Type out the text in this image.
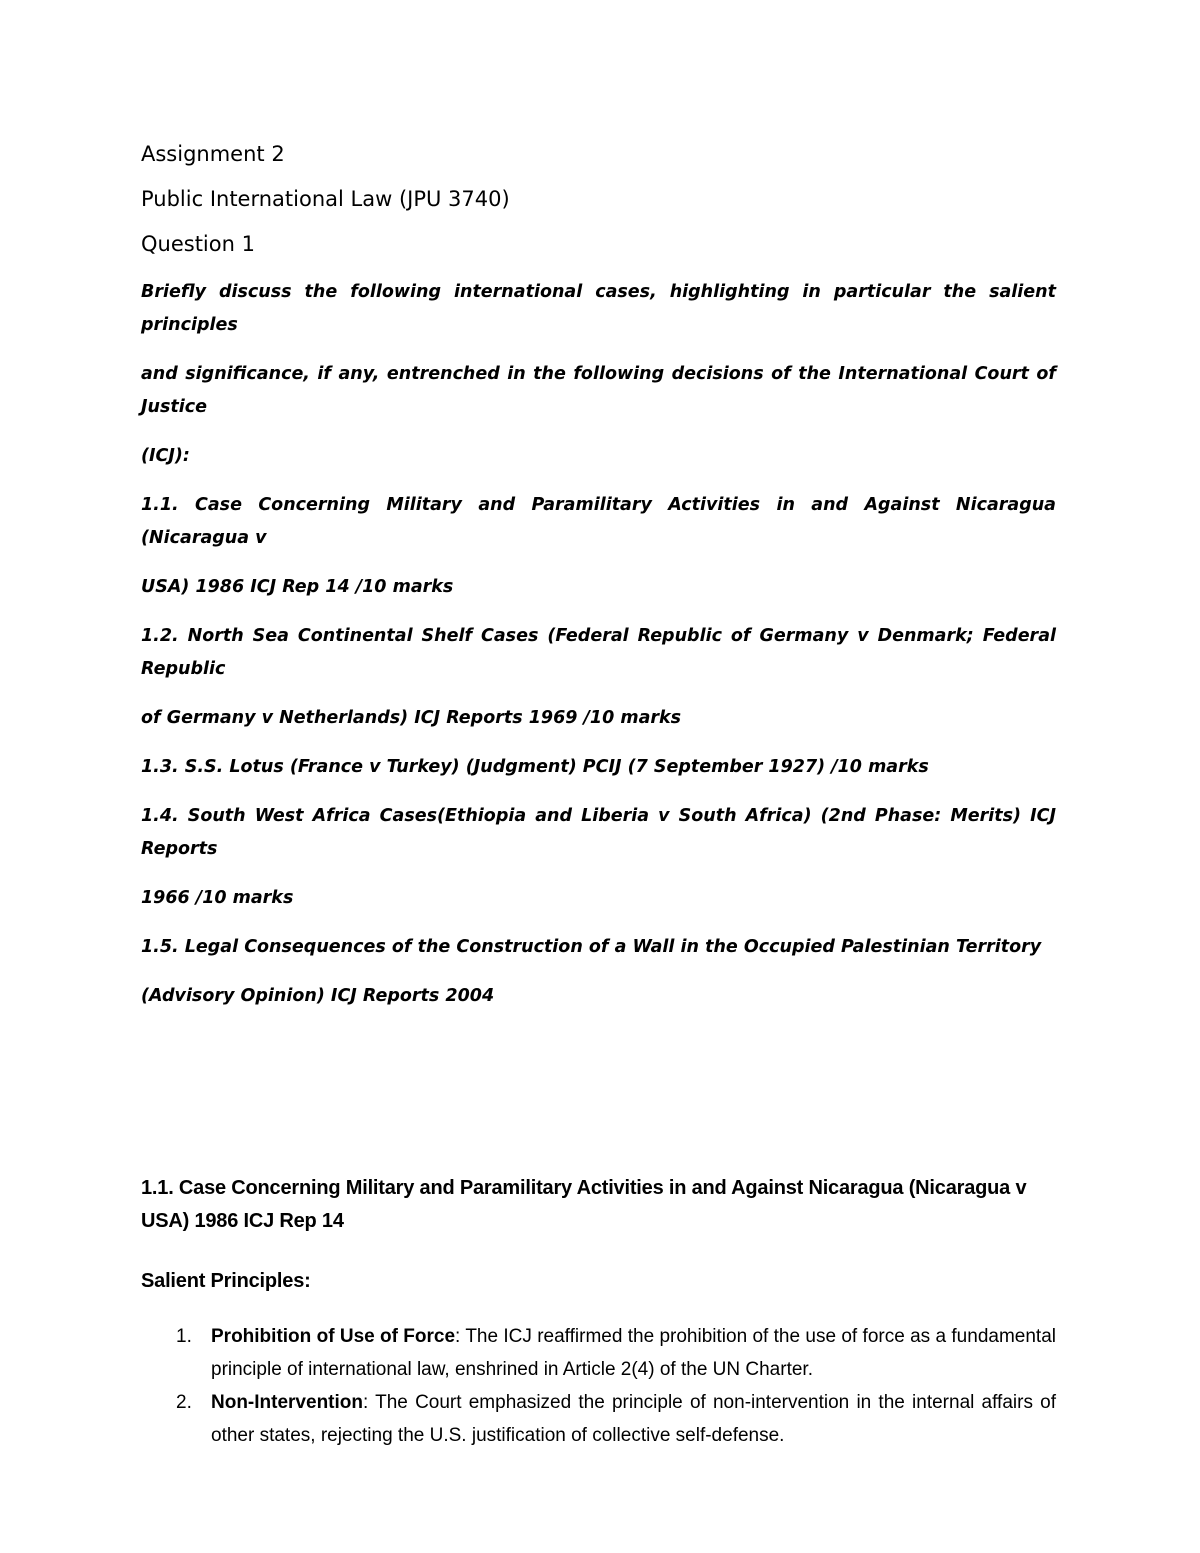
Assignment 2
Public International Law (JPU 3740)
Question 1

Briefly discuss the following international cases, highlighting in particular the salient principles

and significance, if any, entrenched in the following decisions of the International Court of Justice

(ICJ):

1.1. Case Concerning Military and Paramilitary Activities in and Against Nicaragua (Nicaragua v

USA) 1986 ICJ Rep 14 /10 marks

1.2. North Sea Continental Shelf Cases (Federal Republic of Germany v Denmark; Federal Republic

of Germany v Netherlands) ICJ Reports 1969 /10 marks

1.3. S.S. Lotus (France v Turkey) (Judgment) PCIJ (7 September 1927) /10 marks

1.4. South West Africa Cases(Ethiopia and Liberia v South Africa) (2nd Phase: Merits) ICJ Reports

1966 /10 marks

1.5. Legal Consequences of the Construction of a Wall in the Occupied Palestinian Territory

(Advisory Opinion) ICJ Reports 2004

1.1. Case Concerning Military and Paramilitary Activities in and Against Nicaragua (Nicaragua v USA) 1986 ICJ Rep 14

Salient Principles:

1. Prohibition of Use of Force: The ICJ reaffirmed the prohibition of the use of force as a fundamental principle of international law, enshrined in Article 2(4) of the UN Charter.
2. Non-Intervention: The Court emphasized the principle of non-intervention in the internal affairs of other states, rejecting the U.S. justification of collective self-defense.
